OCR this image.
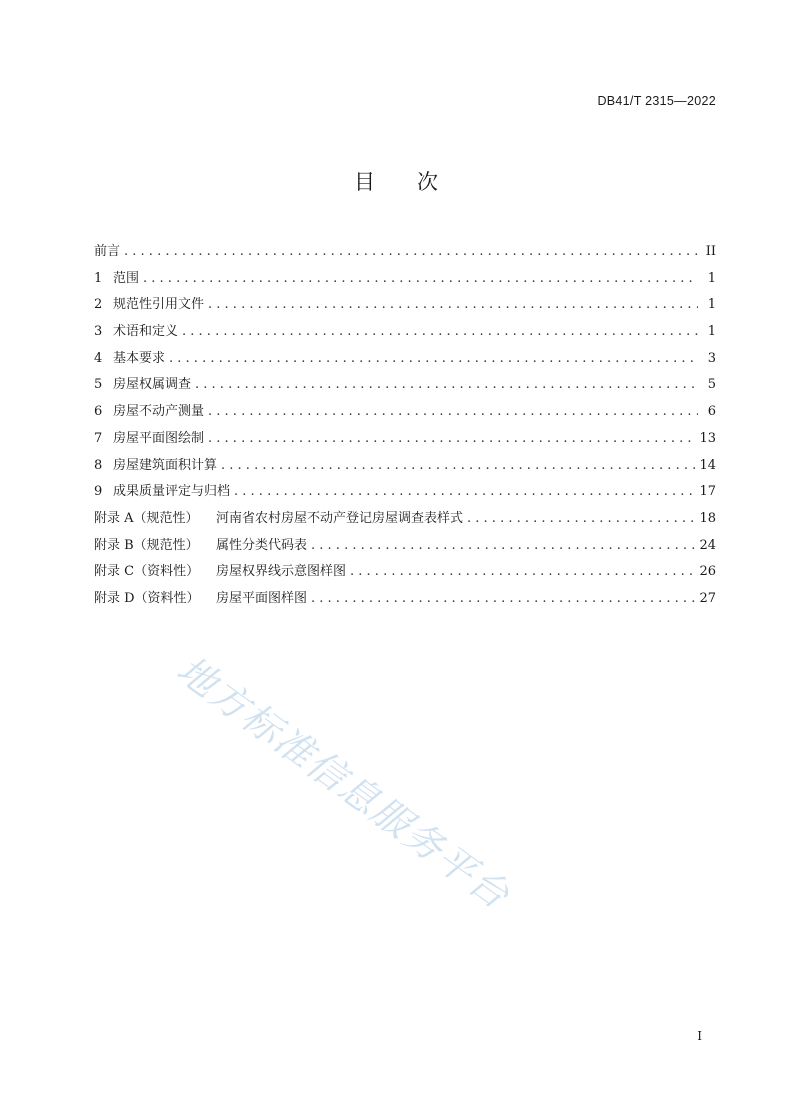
DB41/T 2315—2022
目 次
前言 . . .	II
1 范围 . . .	1
2 规范性引用文件 . . .	1
3 术语和定义 . . .	1
4 基本要求 . . .	3
5 房屋权属调查 . . .	5
6 房屋不动产测量 . . .	6
7 房屋平面图绘制 . . .	13
8 房屋建筑面积计算 . . .	14
9 成果质量评定与归档 . . .	17
附录 A（规范性）	河南省农村房屋不动产登记房屋调查表样式 . . .	18
附录 B（规范性）	属性分类代码表 . . .	24
附录 C（资料性）	房屋权界线示意图样图 . . .	26
附录 D（资料性）	房屋平面图样图 . . .	27
地方标准信息服务平台
I
